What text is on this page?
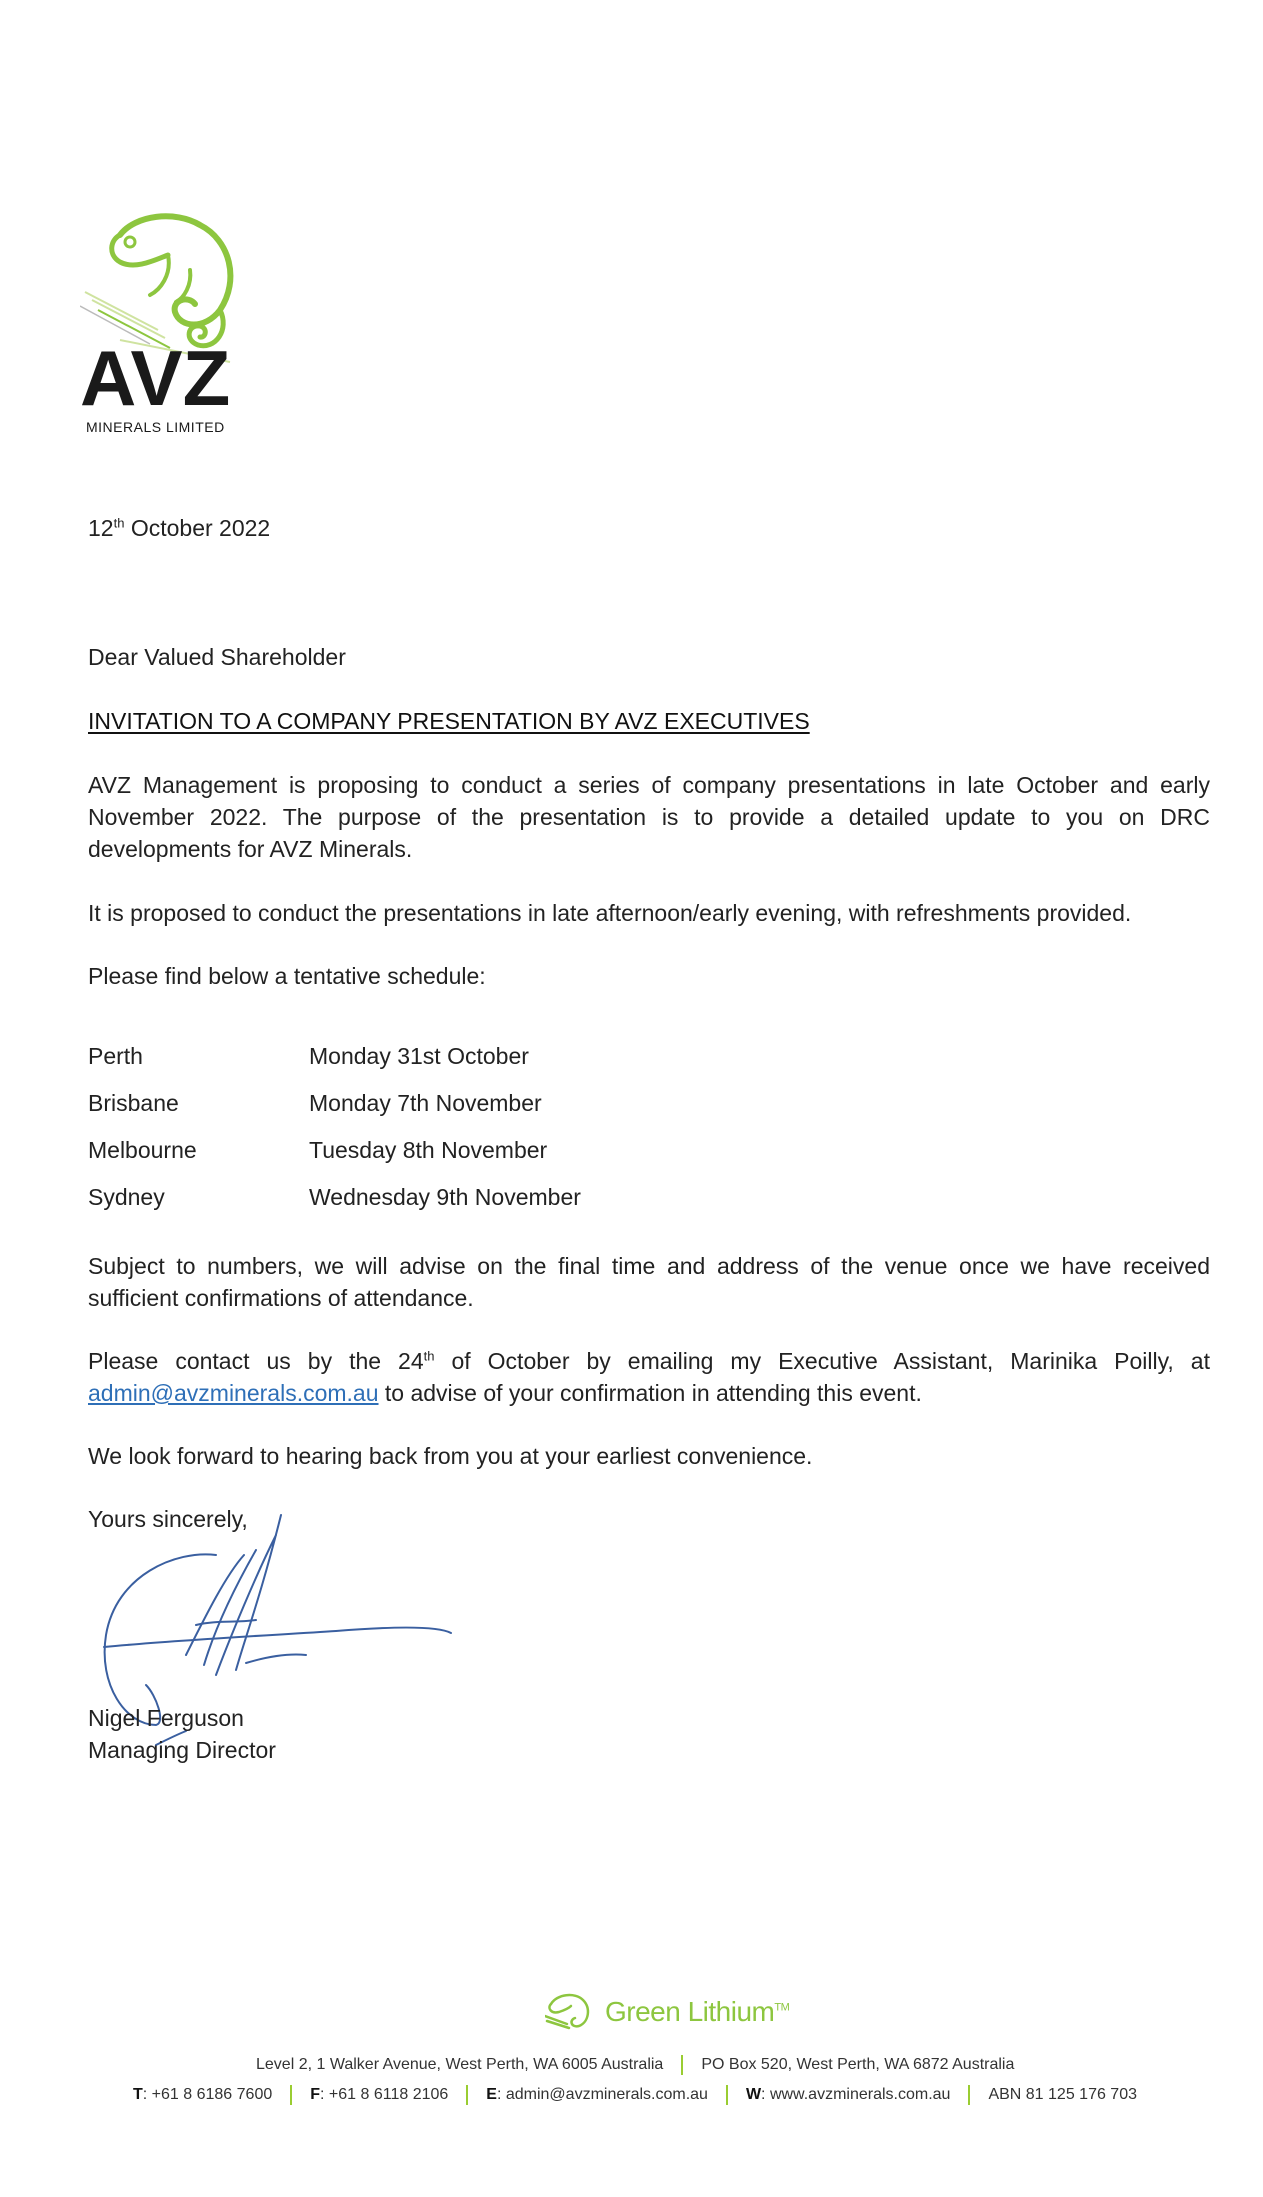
AVZ
MINERALS LIMITED
12th October 2022
Dear Valued Shareholder
INVITATION TO A COMPANY PRESENTATION BY AVZ EXECUTIVES
AVZ Management is proposing to conduct a series of company presentations in late October and early November 2022. The purpose of the presentation is to provide a detailed update to you on DRC developments for AVZ Minerals.
It is proposed to conduct the presentations in late afternoon/early evening, with refreshments provided.
Please find below a tentative schedule:
Perth	Monday 31st October
Brisbane	Monday 7th November
Melbourne	Tuesday 8th November
Sydney	Wednesday 9th November
Subject to numbers, we will advise on the final time and address of the venue once we have received sufficient confirmations of attendance.
Please contact us by the 24th of October by emailing my Executive Assistant, Marinika Poilly, at admin@avzminerals.com.au to advise of your confirmation in attending this event.
We look forward to hearing back from you at your earliest convenience.
Yours sincerely,
Nigel Ferguson
Managing Director
Green Lithium™
Level 2, 1 Walker Avenue, West Perth, WA 6005 Australia PO Box 520, West Perth, WA 6872 Australia
T: +61 8 6186 7600 F: +61 8 6118 2106 E: admin@avzminerals.com.au W: www.avzminerals.com.au ABN 81 125 176 703
